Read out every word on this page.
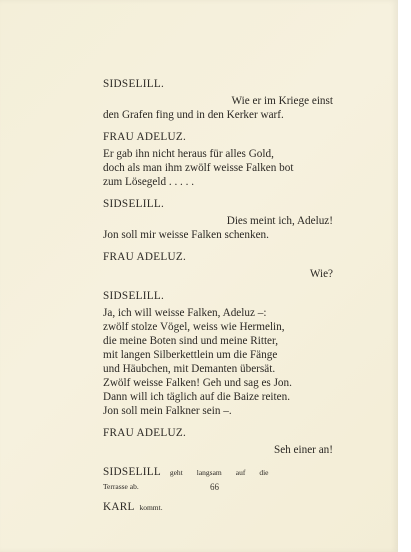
SIDSELILL.

Wie er im Kriege einst

den Grafen fing und in den Kerker warf.

FRAU ADELUZ.

Er gab ihn nicht heraus für alles Gold,

doch als man ihm zwölf weisse Falken bot

zum Lösegeld . . . . .

SIDSELILL.

Dies meint ich, Adeluz!

Jon soll mir weisse Falken schenken.

FRAU ADELUZ.

Wie?

SIDSELILL.

Ja, ich will weisse Falken, Adeluz –:

zwölf stolze Vögel, weiss wie Hermelin,

die meine Boten sind und meine Ritter,

mit langen Silberkettlein um die Fänge

und Häubchen, mit Demanten übersät.

Zwölf weisse Falken! Geh und sag es Jon.

Dann will ich täglich auf die Baize reiten.

Jon soll mein Falkner sein –.

FRAU ADELUZ.

Seh einer an!

SIDSELILL geht langsam auf die

Terrasse ab.

KARL kommt.
66
